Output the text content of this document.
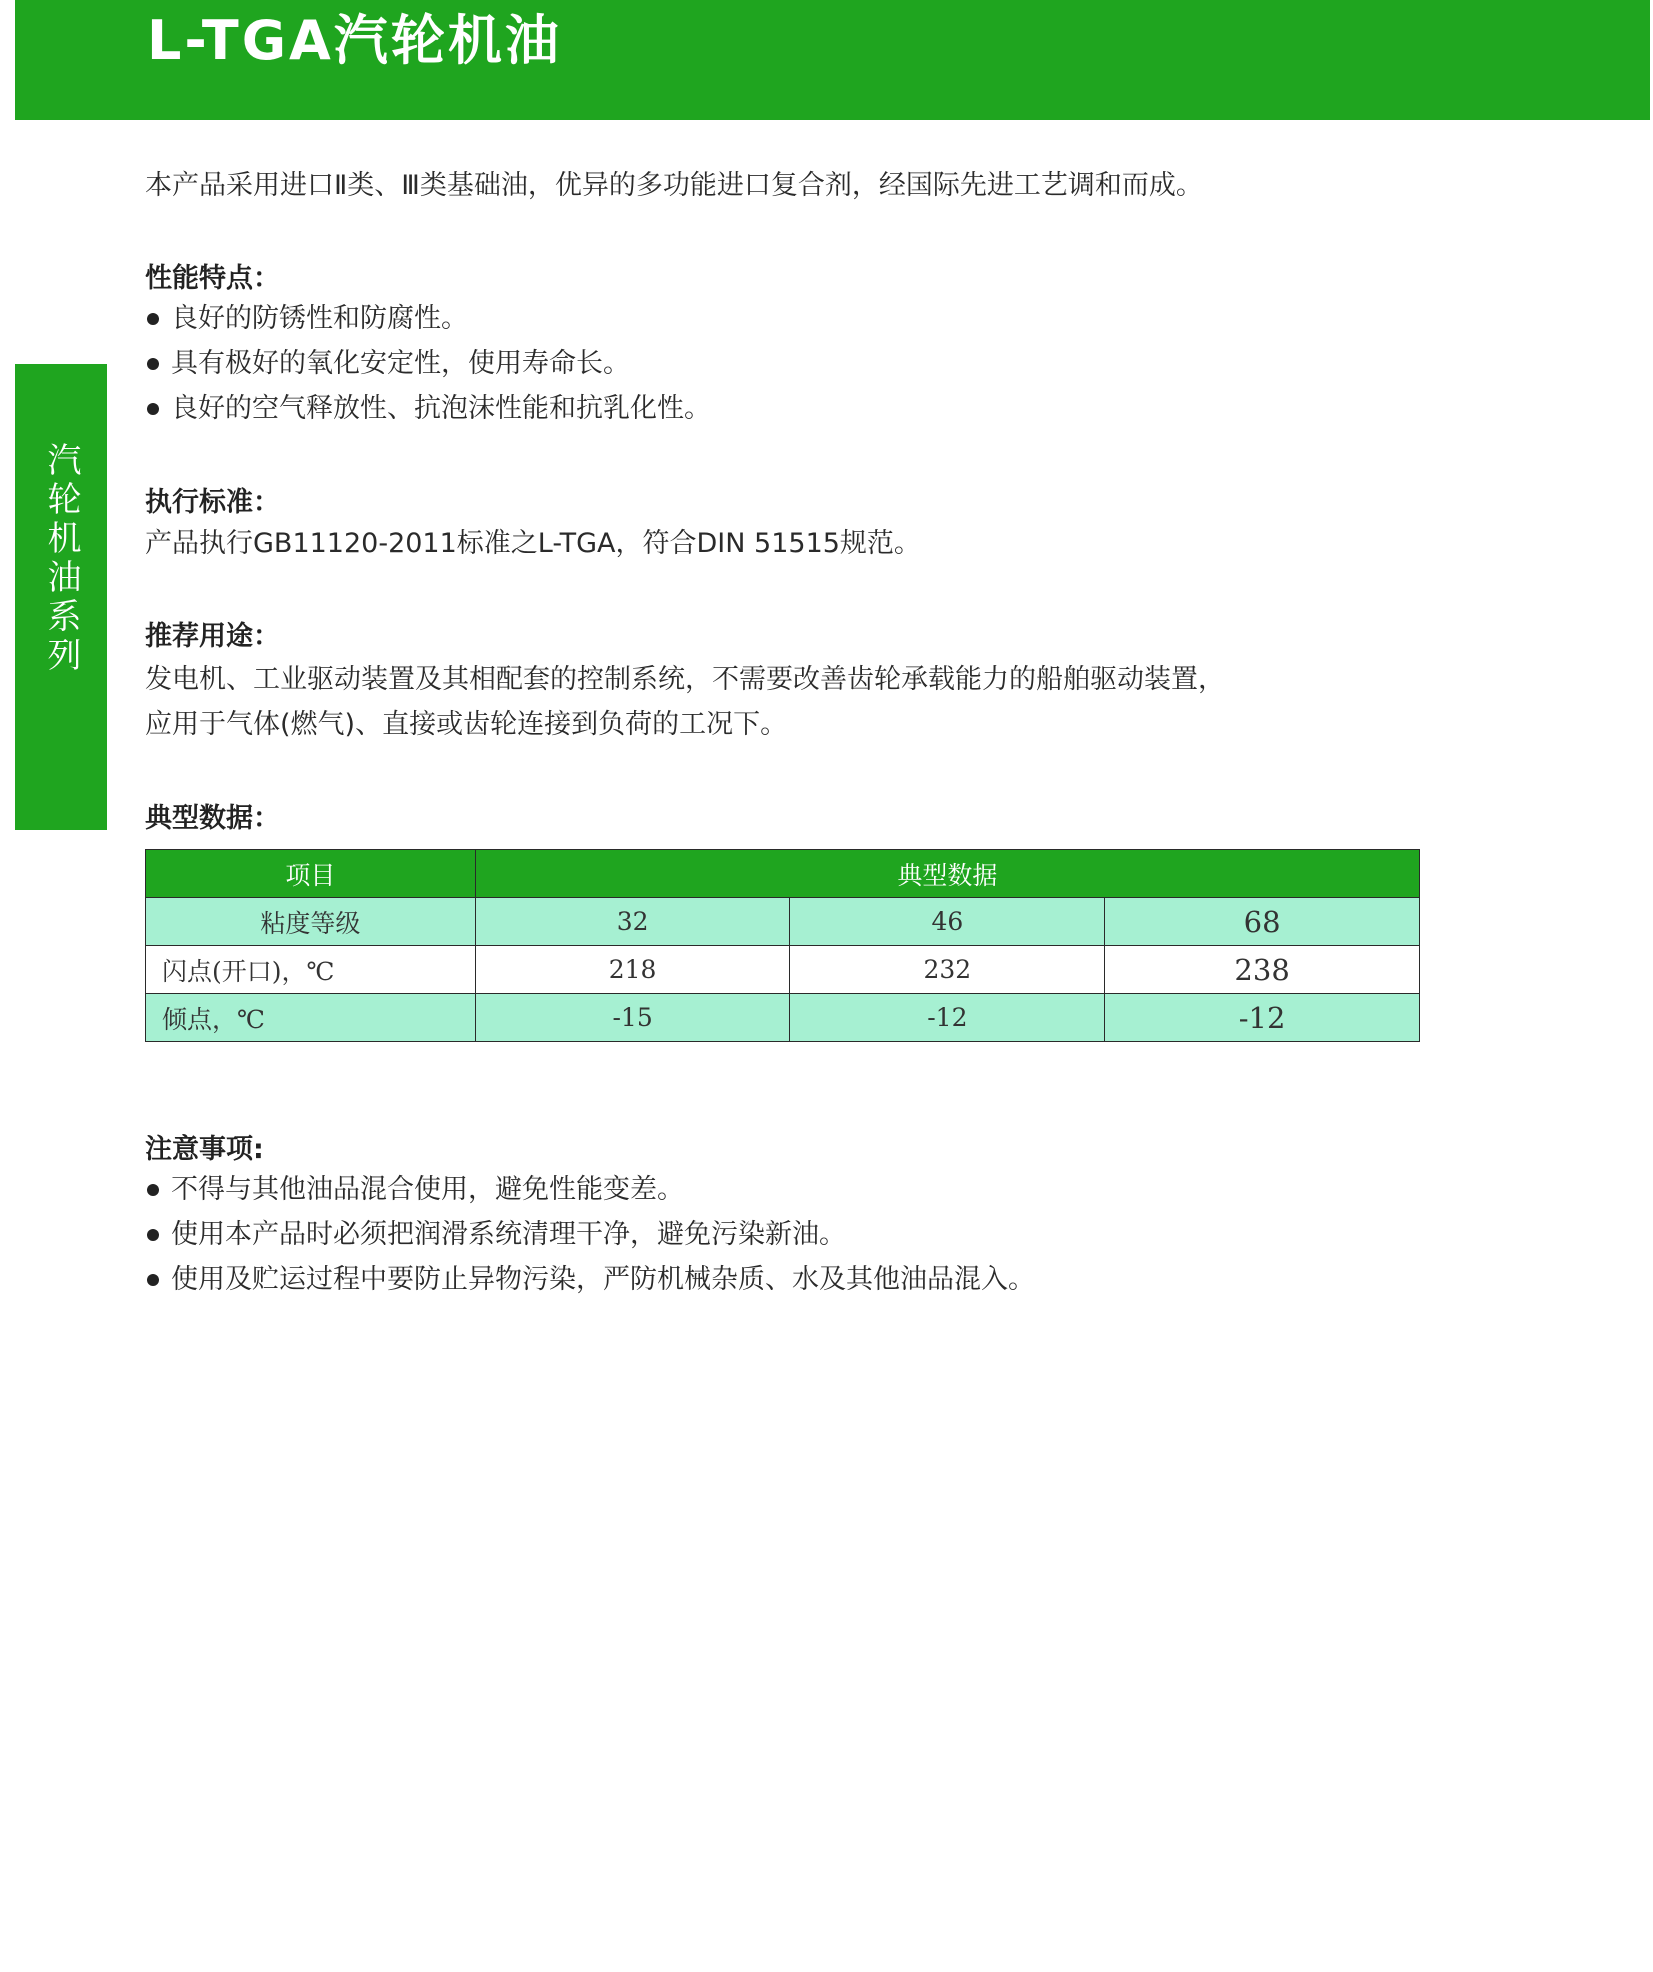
L-TGA汽轮机油
汽轮机油系列
本产品采用进口Ⅱ类、Ⅲ类基础油，优异的多功能进口复合剂，经国际先进工艺调和而成。
性能特点：
良好的防锈性和防腐性。
具有极好的氧化安定性，使用寿命长。
良好的空气释放性、抗泡沫性能和抗乳化性。
执行标准：
产品执行GB11120-2011标准之L-TGA，符合DIN 51515规范。
推荐用途：
发电机、工业驱动装置及其相配套的控制系统，不需要改善齿轮承载能力的船舶驱动装置，
应用于气体(燃气)、直接或齿轮连接到负荷的工况下。
典型数据：
项目	典型数据		
粘度等级	32	46	68
闪点(开口)，℃	218	232	238
倾点，℃	-15	-12	-12
注意事项:
不得与其他油品混合使用，避免性能变差。
使用本产品时必须把润滑系统清理干净，避免污染新油。
使用及贮运过程中要防止异物污染，严防机械杂质、水及其他油品混入。
